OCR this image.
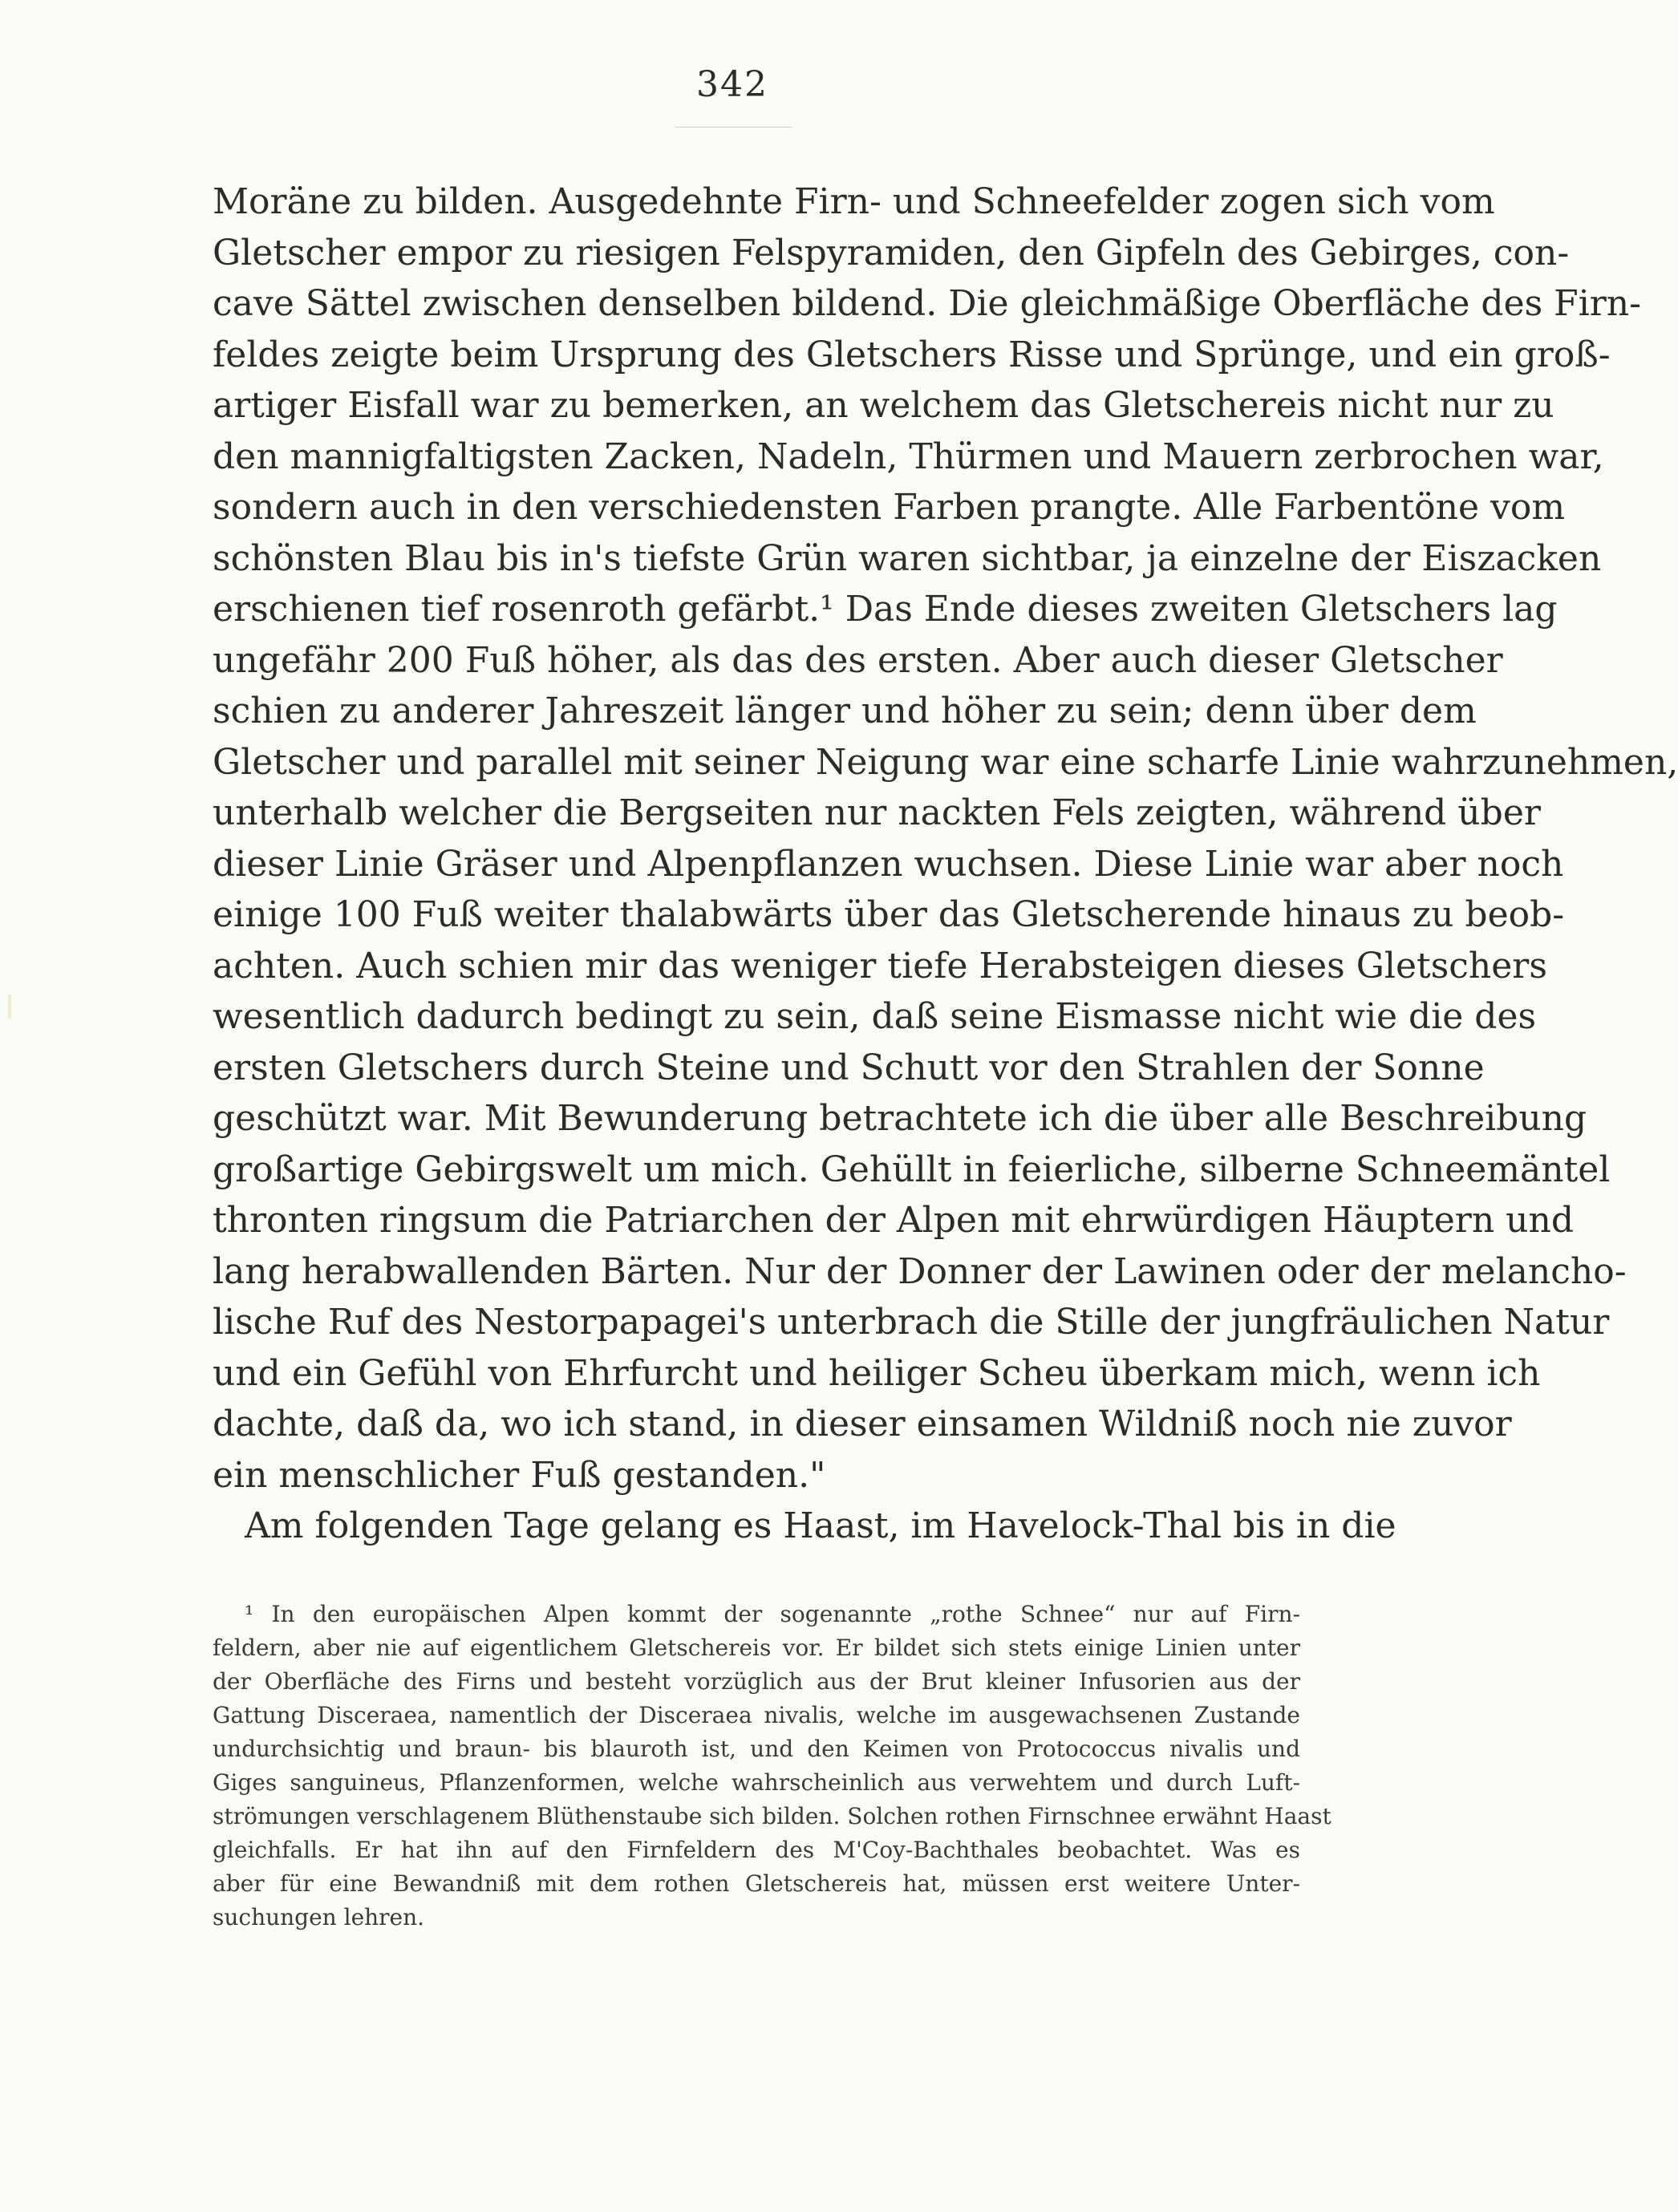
342
Moräne zu bilden. Ausgedehnte Firn- und Schneefelder zogen sich vom
Gletscher empor zu riesigen Felspyramiden, den Gipfeln des Gebirges, con-
cave Sättel zwischen denselben bildend. Die gleichmäßige Oberfläche des Firn-
feldes zeigte beim Ursprung des Gletschers Risse und Sprünge, und ein groß-
artiger Eisfall war zu bemerken, an welchem das Gletschereis nicht nur zu
den mannigfaltigsten Zacken, Nadeln, Thürmen und Mauern zerbrochen war,
sondern auch in den verschiedensten Farben prangte. Alle Farbentöne vom
schönsten Blau bis in's tiefste Grün waren sichtbar, ja einzelne der Eiszacken
erschienen tief rosenroth gefärbt.¹ Das Ende dieses zweiten Gletschers lag
ungefähr 200 Fuß höher, als das des ersten. Aber auch dieser Gletscher
schien zu anderer Jahreszeit länger und höher zu sein; denn über dem
Gletscher und parallel mit seiner Neigung war eine scharfe Linie wahrzunehmen,
unterhalb welcher die Bergseiten nur nackten Fels zeigten, während über
dieser Linie Gräser und Alpenpflanzen wuchsen. Diese Linie war aber noch
einige 100 Fuß weiter thalabwärts über das Gletscherende hinaus zu beob-
achten. Auch schien mir das weniger tiefe Herabsteigen dieses Gletschers
wesentlich dadurch bedingt zu sein, daß seine Eismasse nicht wie die des
ersten Gletschers durch Steine und Schutt vor den Strahlen der Sonne
geschützt war. Mit Bewunderung betrachtete ich die über alle Beschreibung
großartige Gebirgswelt um mich. Gehüllt in feierliche, silberne Schneemäntel
thronten ringsum die Patriarchen der Alpen mit ehrwürdigen Häuptern und
lang herabwallenden Bärten. Nur der Donner der Lawinen oder der melancho-
lische Ruf des Nestorpapagei's unterbrach die Stille der jungfräulichen Natur
und ein Gefühl von Ehrfurcht und heiliger Scheu überkam mich, wenn ich
dachte, daß da, wo ich stand, in dieser einsamen Wildniß noch nie zuvor
ein menschlicher Fuß gestanden."
Am folgenden Tage gelang es Haast, im Havelock-Thal bis in die
¹ In den europäischen Alpen kommt der sogenannte „rothe Schnee“ nur auf Firn-
feldern, aber nie auf eigentlichem Gletschereis vor. Er bildet sich stets einige Linien unter
der Oberfläche des Firns und besteht vorzüglich aus der Brut kleiner Infusorien aus der
Gattung Disceraea, namentlich der Disceraea nivalis, welche im ausgewachsenen Zustande
undurchsichtig und braun- bis blauroth ist, und den Keimen von Protococcus nivalis und
Giges sanguineus, Pflanzenformen, welche wahrscheinlich aus verwehtem und durch Luft-
strömungen verschlagenem Blüthenstaube sich bilden. Solchen rothen Firnschnee erwähnt Haast
gleichfalls. Er hat ihn auf den Firnfeldern des M'Coy-Bachthales beobachtet. Was es
aber für eine Bewandniß mit dem rothen Gletschereis hat, müssen erst weitere Unter-
suchungen lehren.
